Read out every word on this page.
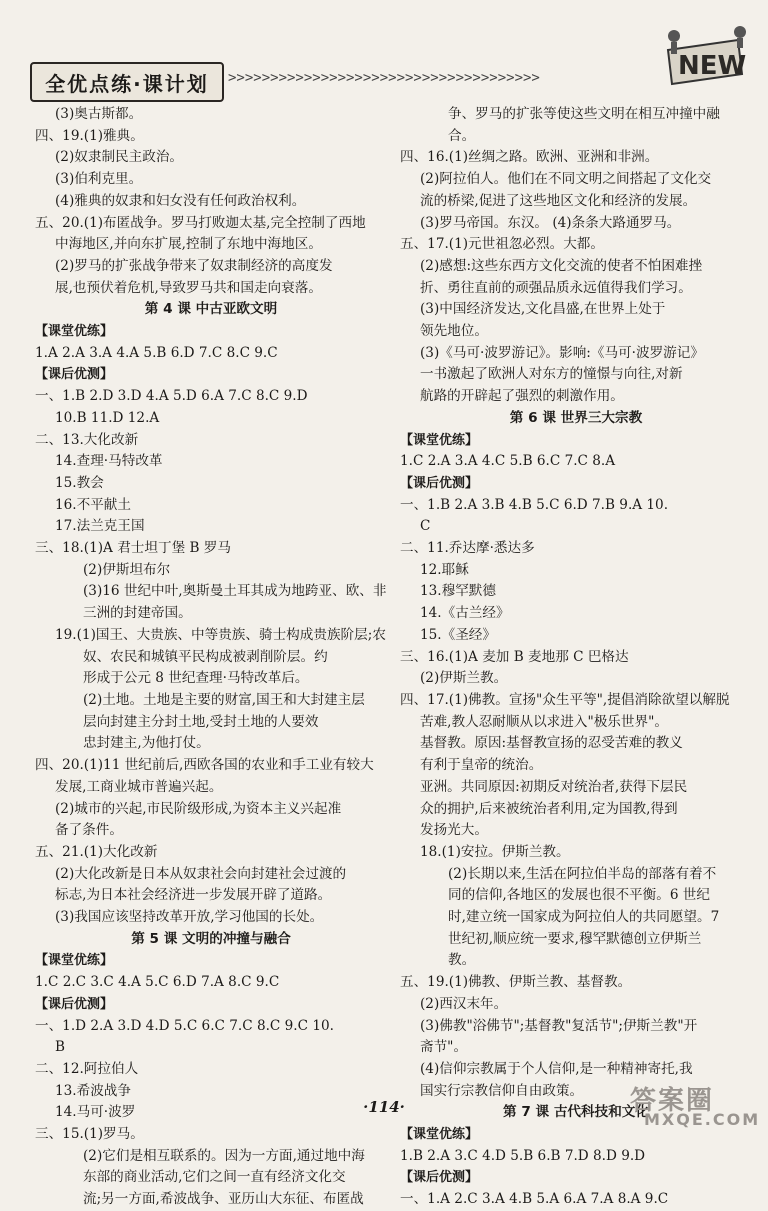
全优点练·课计划	>>>>>>>>>>>>>>>>>>>>>>>>>>>>>>>>>>>>>	NEW
(3)奥古斯都。
四、19.(1)雅典。
(2)奴隶制民主政治。
(3)伯利克里。
(4)雅典的奴隶和妇女没有任何政治权利。
五、20.(1)布匿战争。罗马打败迦太基,完全控制了西地
中海地区,并向东扩展,控制了东地中海地区。
(2)罗马的扩张战争带来了奴隶制经济的高度发
展,也预伏着危机,导致罗马共和国走向衰落。
第 4 课 中古亚欧文明
【课堂优练】
1.A 2.A 3.A 4.A 5.B 6.D 7.C 8.C 9.C
【课后优测】
一、1.B 2.D 3.D 4.A 5.D 6.A 7.C 8.C 9.D
10.B 11.D 12.A
二、13.大化改新
14.查理·马特改革
15.教会
16.不平献土
17.法兰克王国
三、18.(1)A 君士坦丁堡 B 罗马
(2)伊斯坦布尔
(3)16 世纪中叶,奥斯曼土耳其成为地跨亚、欧、非
三洲的封建帝国。
19.(1)国王、大贵族、中等贵族、骑士构成贵族阶层;农
奴、农民和城镇平民构成被剥削阶层。约
形成于公元 8 世纪查理·马特改革后。
(2)土地。土地是主要的财富,国王和大封建主层
层向封建主分封土地,受封土地的人要效
忠封建主,为他打仗。
四、20.(1)11 世纪前后,西欧各国的农业和手工业有较大
发展,工商业城市普遍兴起。
(2)城市的兴起,市民阶级形成,为资本主义兴起准
备了条件。
五、21.(1)大化改新
(2)大化改新是日本从奴隶社会向封建社会过渡的
标志,为日本社会经济进一步发展开辟了道路。
(3)我国应该坚持改革开放,学习他国的长处。
第 5 课 文明的冲撞与融合
【课堂优练】
1.C 2.C 3.C 4.A 5.C 6.D 7.A 8.C 9.C
【课后优测】
一、1.D 2.A 3.D 4.D 5.C 6.C 7.C 8.C 9.C 10.
B
二、12.阿拉伯人
13.希波战争
14.马可·波罗
三、15.(1)罗马。
(2)它们是相互联系的。因为一方面,通过地中海
东部的商业活动,它们之间一直有经济文化交
流;另一方面,希波战争、亚历山大东征、布匿战
争、罗马的扩张等使这些文明在相互冲撞中融
合。
四、16.(1)丝绸之路。欧洲、亚洲和非洲。
(2)阿拉伯人。他们在不同文明之间搭起了文化交
流的桥梁,促进了这些地区文化和经济的发展。
(3)罗马帝国。东汉。 (4)条条大路通罗马。
五、17.(1)元世祖忽必烈。大都。
(2)感想:这些东西方文化交流的使者不怕困难挫
折、勇往直前的顽强品质永远值得我们学习。
(3)中国经济发达,文化昌盛,在世界上处于
领先地位。
(3)《马可·波罗游记》。影响:《马可·波罗游记》
一书激起了欧洲人对东方的憧憬与向往,对新
航路的开辟起了强烈的刺激作用。
第 6 课 世界三大宗教
【课堂优练】
1.C 2.A 3.A 4.C 5.B 6.C 7.C 8.A
【课后优测】
一、1.B 2.A 3.B 4.B 5.C 6.D 7.B 9.A 10.
C
二、11.乔达摩·悉达多
12.耶稣
13.穆罕默德
14.《古兰经》
15.《圣经》
三、16.(1)A 麦加 B 麦地那 C 巴格达
(2)伊斯兰教。
四、17.(1)佛教。宣扬"众生平等",提倡消除欲望以解脱
苦难,教人忍耐顺从以求进入"极乐世界"。
基督教。原因:基督教宣扬的忍受苦难的教义
有利于皇帝的统治。
亚洲。共同原因:初期反对统治者,获得下层民
众的拥护,后来被统治者利用,定为国教,得到
发扬光大。
18.(1)安拉。伊斯兰教。
(2)长期以来,生活在阿拉伯半岛的部落有着不
同的信仰,各地区的发展也很不平衡。6 世纪
时,建立统一国家成为阿拉伯人的共同愿望。7
世纪初,顺应统一要求,穆罕默德创立伊斯兰
教。
五、19.(1)佛教、伊斯兰教、基督教。
(2)西汉末年。
(3)佛教"浴佛节";基督教"复活节";伊斯兰教"开
斋节"。
(4)信仰宗教属于个人信仰,是一种精神寄托,我
国实行宗教信仰自由政策。
第 7 课 古代科技和文化
【课堂优练】
1.B 2.A 3.C 4.D 5.B 6.B 7.D 8.D 9.D
【课后优测】
一、1.A 2.C 3.A 4.B 5.A 6.A 7.A 8.A 9.C
·114·	答案圈
MXQE.COM
